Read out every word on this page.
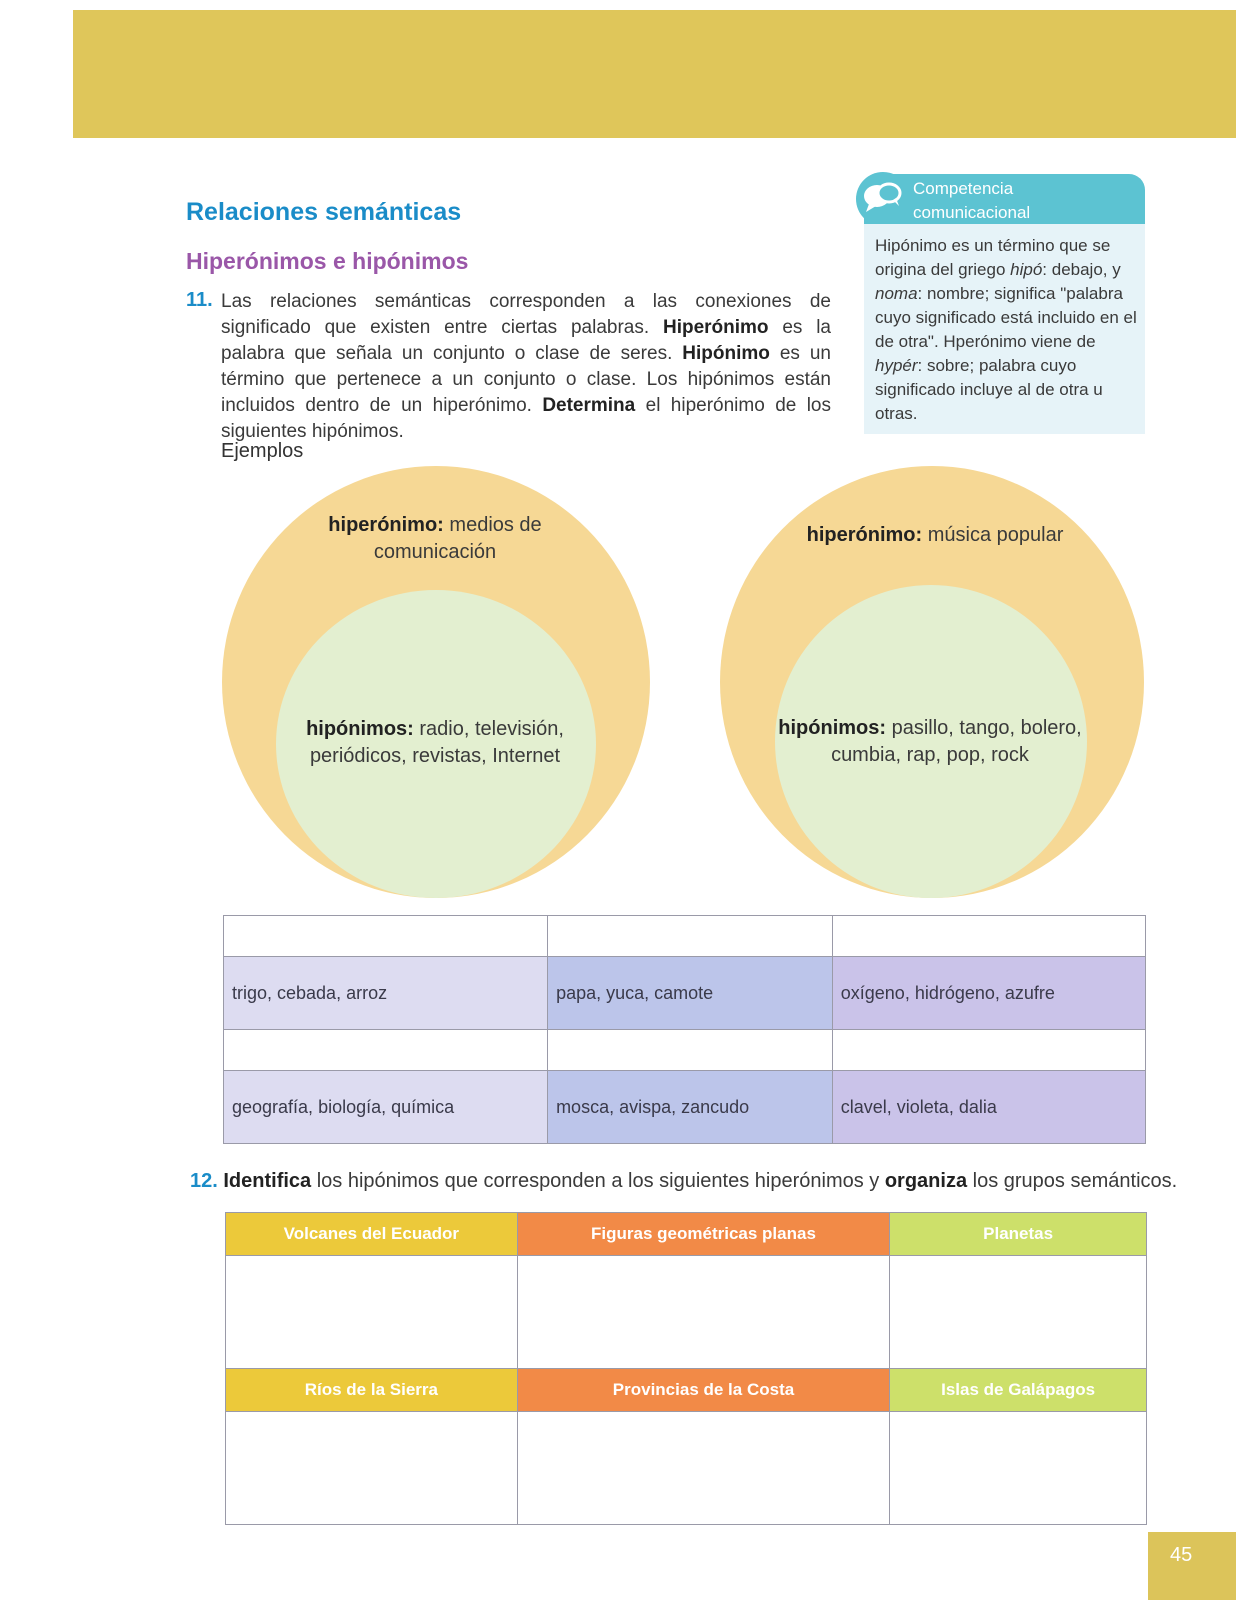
Relaciones semánticas
Hiperónimos e hipónimos
11. Las relaciones semánticas corresponden a las conexiones de significado que existen entre ciertas palabras. Hiperónimo es la palabra que señala un conjunto o clase de seres. Hipónimo es un término que pertenece a un conjunto o clase. Los hipónimos están incluidos dentro de un hiperónimo. Determina el hiperónimo de los siguientes hipónimos.
Ejemplos
Competencia
comunicacional
Hipónimo es un término que se origina del griego hipó: debajo, y noma: nombre; significa "palabra cuyo significado está incluido en el de otra". Hperónimo viene de hypér: sobre; palabra cuyo significado incluye al de otra u otras.
hiperónimo: medios de comunicación
hipónimos: radio, televisión, periódicos, revistas, Internet
hiperónimo: música popular
hipónimos: pasillo, tango, bolero, cumbia, rap, pop, rock

trigo, cebada, arroz	papa, yuca, camote	oxígeno, hidrógeno, azufre

geografía, biología, química	mosca, avispa, zancudo	clavel, violeta, dalia
12. Identifica los hipónimos que corresponden a los siguientes hiperónimos y organiza los grupos semánticos.
Volcanes del Ecuador	Figuras geométricas planas	Planetas

Ríos de la Sierra	Provincias de la Costa	Islas de Galápagos

45
